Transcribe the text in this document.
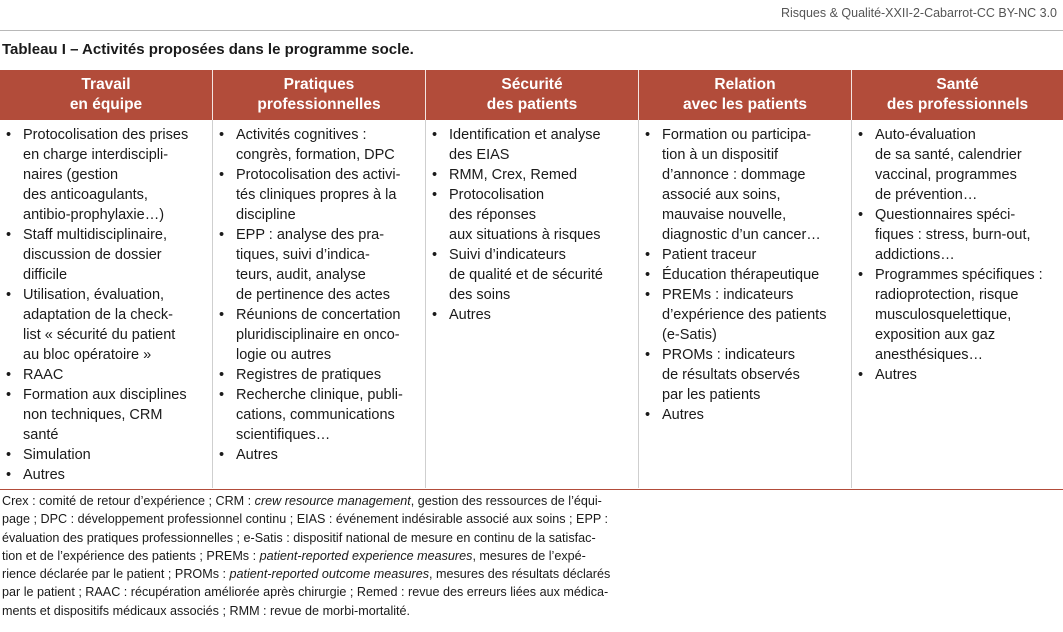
Risques & Qualité-XXII-2-Cabarrot-CC BY-NC 3.0
Tableau I – Activités proposées dans le programme socle.
Travail
en équipe
Pratiques
professionnelles
Sécurité
des patients
Relation
avec les patients
Santé
des professionnels
• Protocolisation des prises
en charge interdiscipli-
naires (gestion
des anticoagulants,
antibio-prophylaxie…)
• Staff multidisciplinaire,
discussion de dossier
difficile
• Utilisation, évaluation,
adaptation de la check-
list « sécurité du patient
au bloc opératoire »
• RAAC
• Formation aux disciplines
non techniques, CRM
santé
• Simulation
• Autres
• Activités cognitives :
congrès, formation, DPC
• Protocolisation des activi-
tés cliniques propres à la
discipline
• EPP : analyse des pra-
tiques, suivi d’indica-
teurs, audit, analyse
de pertinence des actes
• Réunions de concertation
pluridisciplinaire en onco-
logie ou autres
• Registres de pratiques
• Recherche clinique, publi-
cations, communications
scientifiques…
• Autres
• Identification et analyse
des EIAS
• RMM, Crex, Remed
• Protocolisation
des réponses
aux situations à risques
• Suivi d’indicateurs
de qualité et de sécurité
des soins
• Autres
• Formation ou participa-
tion à un dispositif
d’annonce : dommage
associé aux soins,
mauvaise nouvelle,
diagnostic d’un cancer…
• Patient traceur
• Éducation thérapeutique
• PREMs : indicateurs
d’expérience des patients
(e-Satis)
• PROMs : indicateurs
de résultats observés
par les patients
• Autres
• Auto-évaluation
de sa santé, calendrier
vaccinal, programmes
de prévention…
• Questionnaires spéci-
fiques : stress, burn-out,
addictions…
• Programmes spécifiques :
radioprotection, risque
musculosquelettique,
exposition aux gaz
anesthésiques…
• Autres
Crex : comité de retour d’expérience ; CRM : crew resource management, gestion des ressources de l’équi-
page ; DPC : développement professionnel continu ; EIAS : événement indésirable associé aux soins ; EPP :
évaluation des pratiques professionnelles ; e-Satis : dispositif national de mesure en continu de la satisfac-
tion et de l’expérience des patients ; PREMs : patient-reported experience measures, mesures de l’expé-
rience déclarée par le patient ; PROMs : patient-reported outcome measures, mesures des résultats déclarés
par le patient ; RAAC : récupération améliorée après chirurgie ; Remed : revue des erreurs liées aux médica-
ments et dispositifs médicaux associés ; RMM : revue de morbi-mortalité.
